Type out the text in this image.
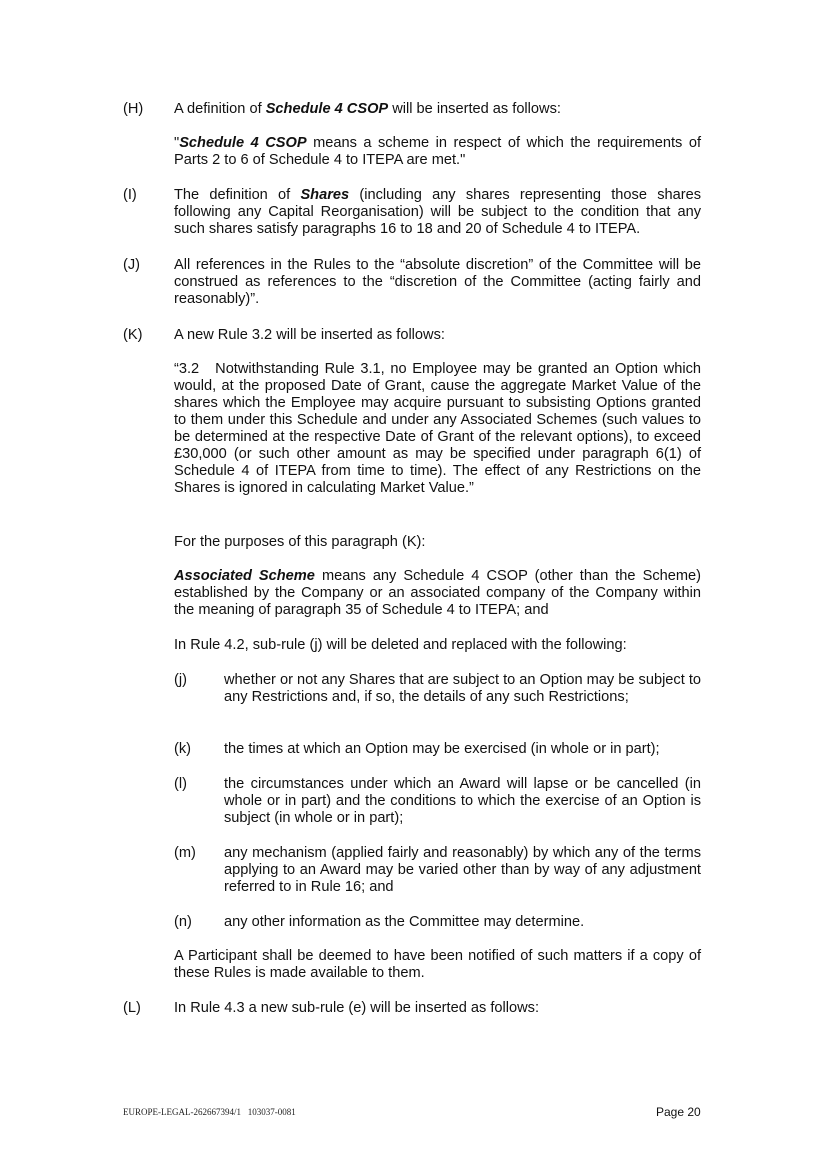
(H) A definition of Schedule 4 CSOP will be inserted as follows:
"Schedule 4 CSOP means a scheme in respect of which the requirements of Parts 2 to 6 of Schedule 4 to ITEPA are met."
(I)	The definition of Shares (including any shares representing those shares following any Capital Reorganisation) will be subject to the condition that any such shares satisfy paragraphs 16 to 18 and 20 of Schedule 4 to ITEPA.
(J) All references in the Rules to the “absolute discretion” of the Committee will be construed as references to the “discretion of the Committee (acting fairly and reasonably)”.
(K) A new Rule 3.2 will be inserted as follows:
“3.2 Notwithstanding Rule 3.1, no Employee may be granted an Option which would, at the proposed Date of Grant, cause the aggregate Market Value of the shares which the Employee may acquire pursuant to subsisting Options granted to them under this Schedule and under any Associated Schemes (such values to be determined at the respective Date of Grant of the relevant options), to exceed £30,000 (or such other amount as may be specified under paragraph 6(1) of Schedule 4 of ITEPA from time to time). The effect of any Restrictions on the Shares is ignored in calculating Market Value.”
For the purposes of this paragraph (K):
Associated Scheme means any Schedule 4 CSOP (other than the Scheme) established by the Company or an associated company of the Company within the meaning of paragraph 35 of Schedule 4 to ITEPA; and
In Rule 4.2, sub-rule (j) will be deleted and replaced with the following:
(j)	whether or not any Shares that are subject to an Option may be subject to any Restrictions and, if so, the details of any such Restrictions;
(k) the times at which an Option may be exercised (in whole or in part);
(l)	the circumstances under which an Award will lapse or be cancelled (in whole or in part) and the conditions to which the exercise of an Option is subject (in whole or in part);
(m) any mechanism (applied fairly and reasonably) by which any of the terms applying to an Award may be varied other than by way of any adjustment referred to in Rule 16; and
(n) any other information as the Committee may determine.
A Participant shall be deemed to have been notified of such matters if a copy of these Rules is made available to them.
(L) In Rule 4.3 a new sub-rule (e) will be inserted as follows:
EUROPE-LEGAL-262667394/1   103037-0081	Page 20
